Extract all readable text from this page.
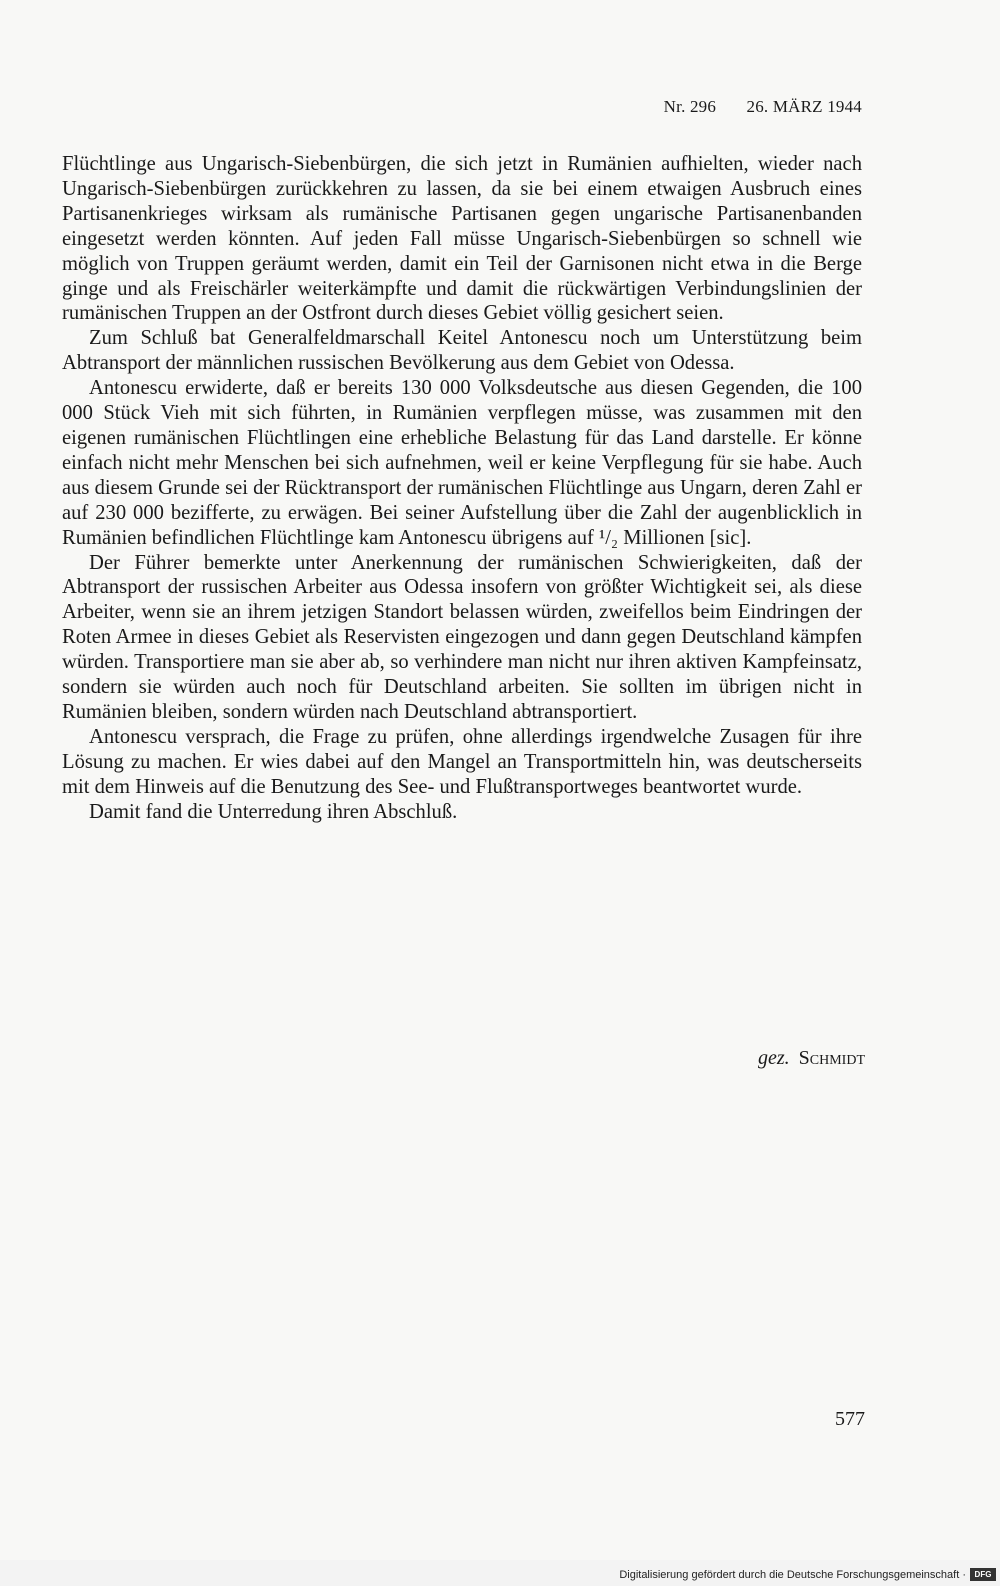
Nr. 296 26. MÄRZ 1944

Flüchtlinge aus Ungarisch-Siebenbürgen, die sich jetzt in Rumänien aufhielten, wieder nach Ungarisch-Siebenbürgen zurückkehren zu lassen, da sie bei einem etwaigen Ausbruch eines Partisanenkrieges wirksam als rumänische Partisanen gegen ungarische Partisanenbanden eingesetzt werden könnten. Auf jeden Fall müsse Ungarisch-Siebenbürgen so schnell wie möglich von Truppen geräumt werden, damit ein Teil der Garnisonen nicht etwa in die Berge ginge und als Freischärler weiterkämpfte und damit die rückwärtigen Verbindungslinien der rumänischen Truppen an der Ostfront durch dieses Gebiet völlig gesichert seien.

Zum Schluß bat Generalfeldmarschall Keitel Antonescu noch um Unterstützung beim Abtransport der männlichen russischen Bevölkerung aus dem Gebiet von Odessa.

Antonescu erwiderte, daß er bereits 130 000 Volksdeutsche aus diesen Gegenden, die 100 000 Stück Vieh mit sich führten, in Rumänien verpflegen müsse, was zusammen mit den eigenen rumänischen Flüchtlingen eine erhebliche Belastung für das Land darstelle. Er könne einfach nicht mehr Menschen bei sich aufnehmen, weil er keine Verpflegung für sie habe. Auch aus diesem Grunde sei der Rücktransport der rumänischen Flüchtlinge aus Ungarn, deren Zahl er auf 230 000 bezifferte, zu erwägen. Bei seiner Aufstellung über die Zahl der augenblicklich in Rumänien befindlichen Flüchtlinge kam Antonescu übrigens auf ¹/₂ Millionen [sic].

Der Führer bemerkte unter Anerkennung der rumänischen Schwierigkeiten, daß der Abtransport der russischen Arbeiter aus Odessa insofern von größter Wichtigkeit sei, als diese Arbeiter, wenn sie an ihrem jetzigen Standort belassen würden, zweifellos beim Eindringen der Roten Armee in dieses Gebiet als Reservisten eingezogen und dann gegen Deutschland kämpfen würden. Transportiere man sie aber ab, so verhindere man nicht nur ihren aktiven Kampfeinsatz, sondern sie würden auch noch für Deutschland arbeiten. Sie sollten im übrigen nicht in Rumänien bleiben, sondern würden nach Deutschland abtransportiert.

Antonescu versprach, die Frage zu prüfen, ohne allerdings irgendwelche Zusagen für ihre Lösung zu machen. Er wies dabei auf den Mangel an Transportmitteln hin, was deutscherseits mit dem Hinweis auf die Benutzung des See- und Flußtransportweges beantwortet wurde.

Damit fand die Unterredung ihren Abschluß.

gez. Schmidt
577
Digitalisierung gefördert durch die Deutsche Forschungsgemeinschaft ·	DFG
